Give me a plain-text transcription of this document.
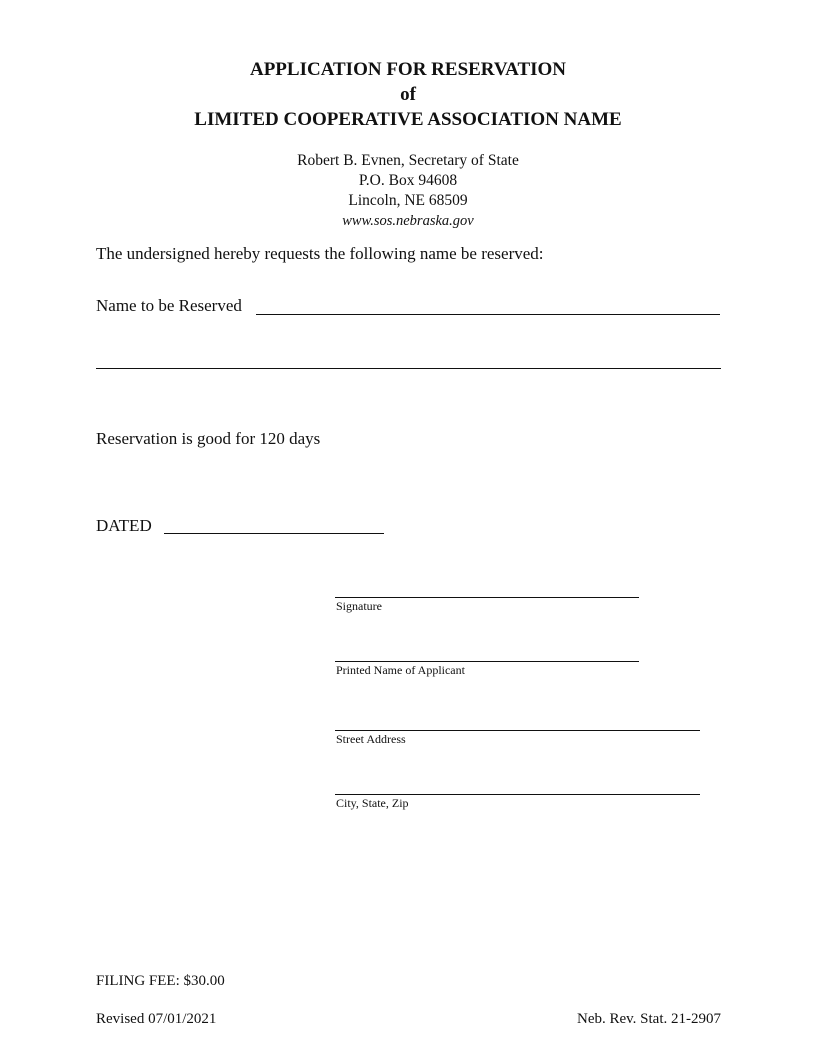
APPLICATION FOR RESERVATION
of
LIMITED COOPERATIVE ASSOCIATION NAME
Robert B. Evnen, Secretary of State
P.O. Box 94608
Lincoln, NE 68509
www.sos.nebraska.gov
The undersigned hereby requests the following name be reserved:
Name to be Reserved
Reservation is good for 120 days
DATED
Signature
Printed Name of Applicant
Street Address
City, State, Zip
FILING FEE: $30.00
Revised 07/01/2021	Neb. Rev. Stat. 21-2907
